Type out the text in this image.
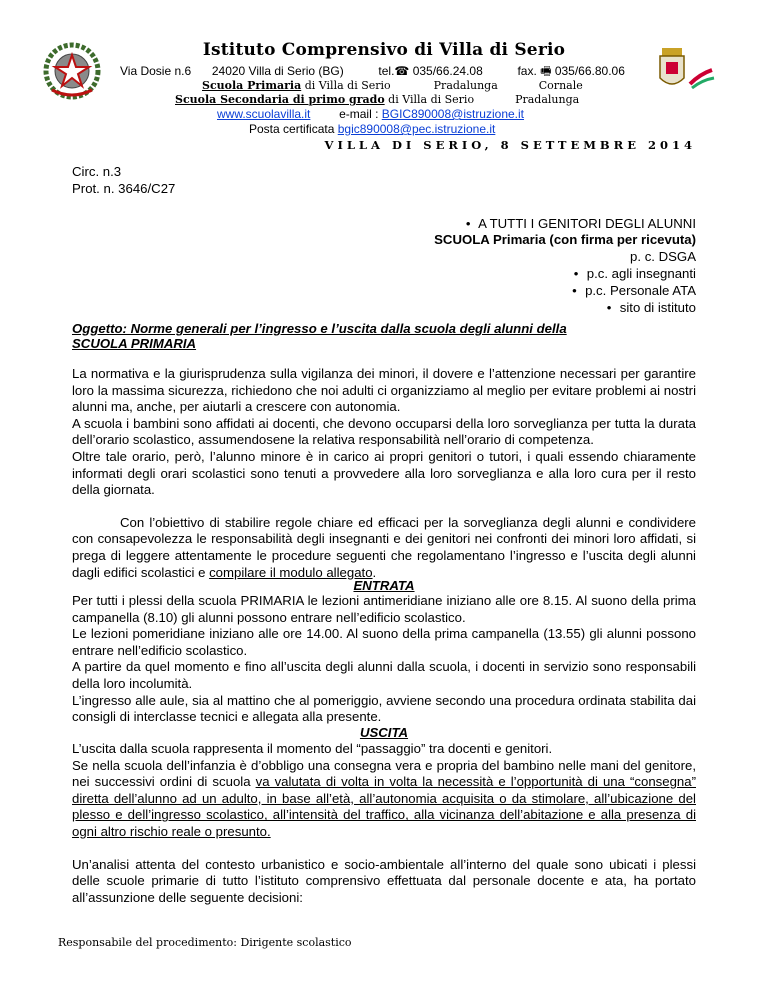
Istituto Comprensivo di Villa di Serio
Via Dosie n.6 24020 Villa di Serio (BG)	tel.☎ 035/66.24.08	fax. 🖷 035/66.80.06
Scuola Primaria di Villa di Serio	Pradalunga	Cornale
Scuola Secondaria di primo grado di Villa di Serio	Pradalunga
www.scuolavilla.it e-mail : BGIC890008@istruzione.it
Posta certificata bgic890008@pec.istruzione.it
VILLA DI SERIO, 8 SETTEMBRE 2014
Circ. n.3
Prot. n. 3646/C27
• A TUTTI I GENITORI DEGLI ALUNNI
SCUOLA Primaria (con firma per ricevuta)
p. c. DSGA
• p.c. agli insegnanti
• p.c. Personale ATA
• sito di istituto
Oggetto: Norme generali per l’ingresso e l’uscita dalla scuola degli alunni della
SCUOLA PRIMARIA

La normativa e la giurisprudenza sulla vigilanza dei minori, il dovere e l’attenzione necessari per garantire loro la massima sicurezza, richiedono che noi adulti ci organizziamo al meglio per evitare problemi ai nostri alunni ma, anche, per aiutarli a crescere con autonomia.

A scuola i bambini sono affidati ai docenti, che devono occuparsi della loro sorveglianza per tutta la durata dell’orario scolastico, assumendosene la relativa responsabilità nell’orario di competenza.

Oltre tale orario, però, l’alunno minore è in carico ai propri genitori o tutori, i quali essendo chiaramente informati degli orari scolastici sono tenuti a provvedere alla loro sorveglianza e alla loro cura per il resto della giornata.

Con l’obiettivo di stabilire regole chiare ed efficaci per la sorveglianza degli alunni e condividere con consapevolezza le responsabilità degli insegnanti e dei genitori nei confronti dei minori loro affidati, si prega di leggere attentamente le procedure seguenti che regolamentano l’ingresso e l’uscita degli alunni dagli edifici scolastici e compilare il modulo allegato.

ENTRATA

Per tutti i plessi della scuola PRIMARIA le lezioni antimeridiane iniziano alle ore 8.15. Al suono della prima campanella (8.10) gli alunni possono entrare nell’edificio scolastico.

Le lezioni pomeridiane iniziano alle ore 14.00. Al suono della prima campanella (13.55) gli alunni possono entrare nell’edificio scolastico.

A partire da quel momento e fino all’uscita degli alunni dalla scuola, i docenti in servizio sono responsabili della loro incolumità.

L’ingresso alle aule, sia al mattino che al pomeriggio, avviene secondo una procedura ordinata stabilita dai consigli di interclasse tecnici e allegata alla presente.

USCITA

L’uscita dalla scuola rappresenta il momento del “passaggio” tra docenti e genitori.

Se nella scuola dell’infanzia è d’obbligo una consegna vera e propria del bambino nelle mani del genitore, nei successivi ordini di scuola va valutata di volta in volta la necessità e l’opportunità di una “consegna” diretta dell’alunno ad un adulto, in base all’età, all’autonomia acquisita o da stimolare, all’ubicazione del plesso e dell’ingresso scolastico, all’intensità del traffico, alla vicinanza dell’abitazione e alla presenza di ogni altro rischio reale o presunto.

Un’analisi attenta del contesto urbanistico e socio-ambientale all’interno del quale sono ubicati i plessi delle scuole primarie di tutto l’istituto comprensivo effettuata dal personale docente e ata, ha portato all’assunzione delle seguente decisioni:

Responsabile del procedimento: Dirigente scolastico
